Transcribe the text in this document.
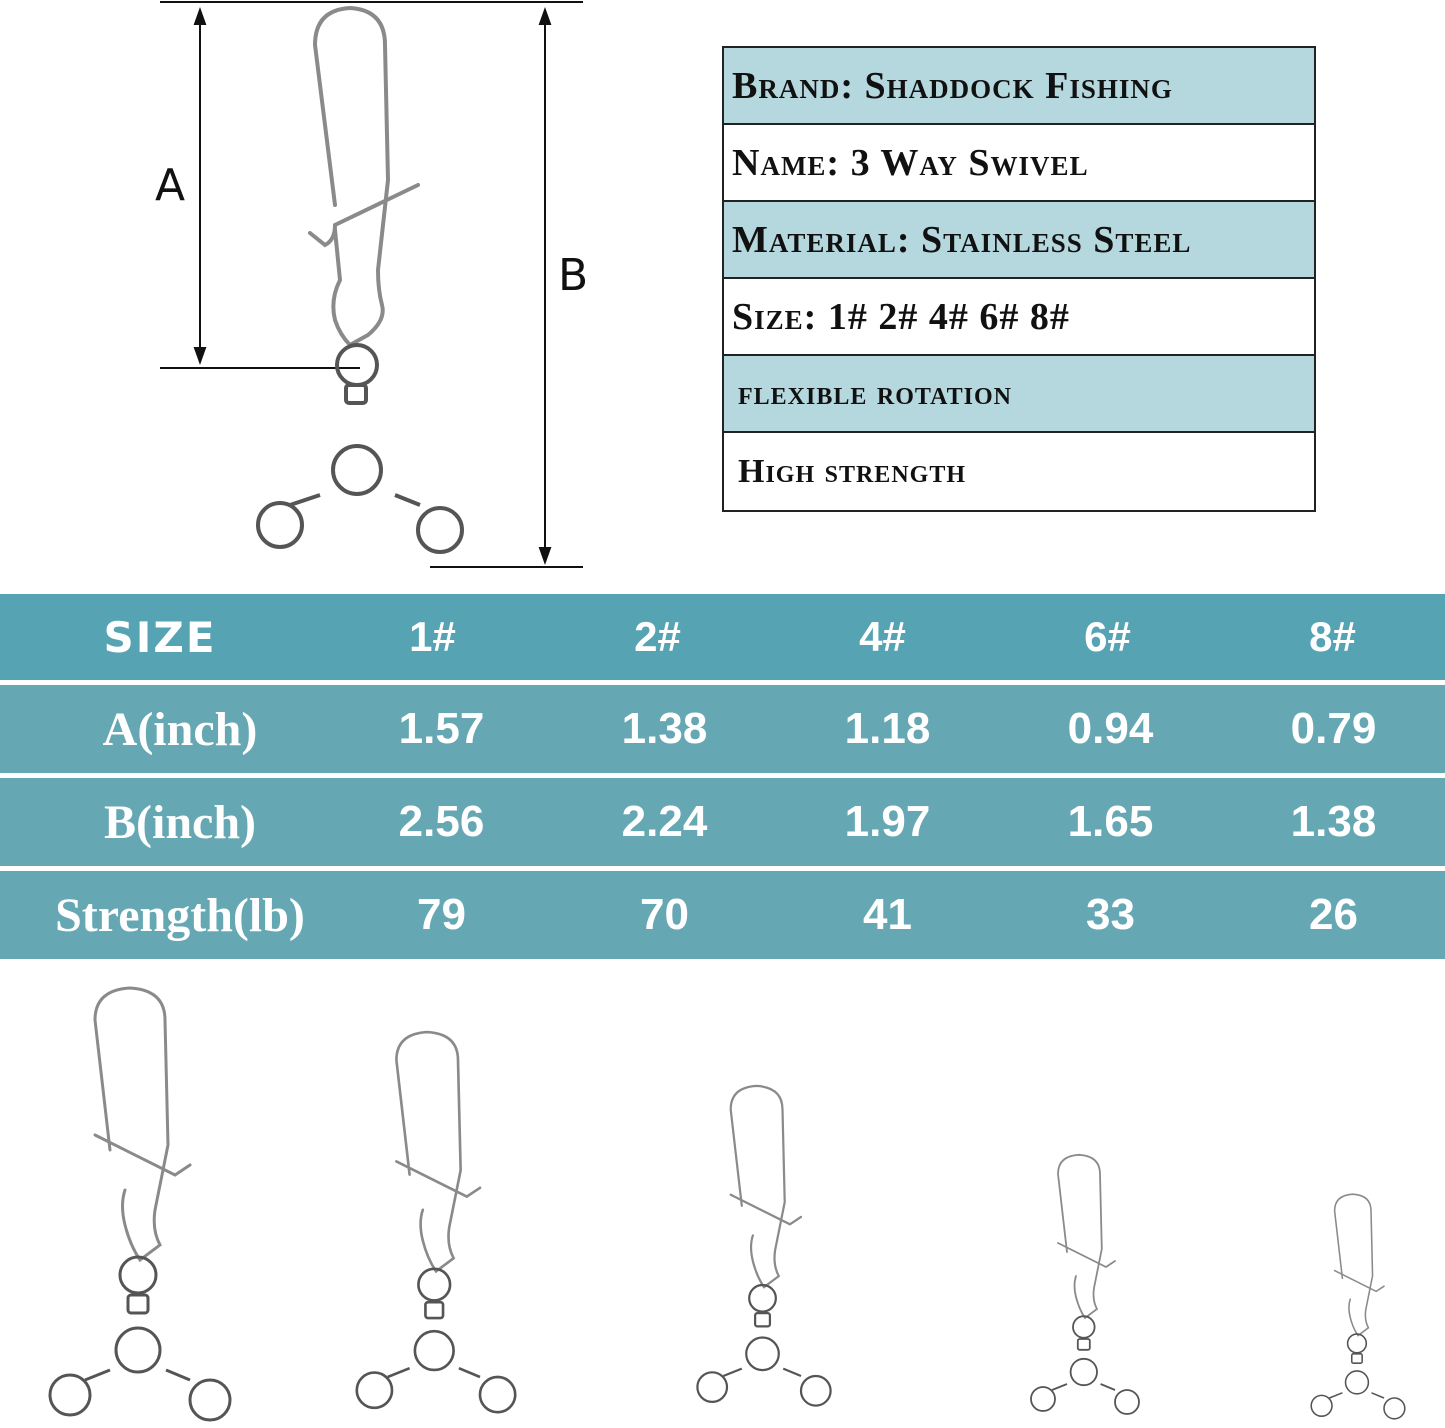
A
B
Brand: Shaddock Fishing
Name: 3 Way Swivel
Material: Stainless Steel
Size: 1# 2# 4# 6# 8#
flexible rotation
High strength
SIZE	1#	2#	4#	6#	8#
A(inch)	1.57	1.38	1.18	0.94	0.79
B(inch)	2.56	2.24	1.97	1.65	1.38
Strength(lb)	79	70	41	33	26
